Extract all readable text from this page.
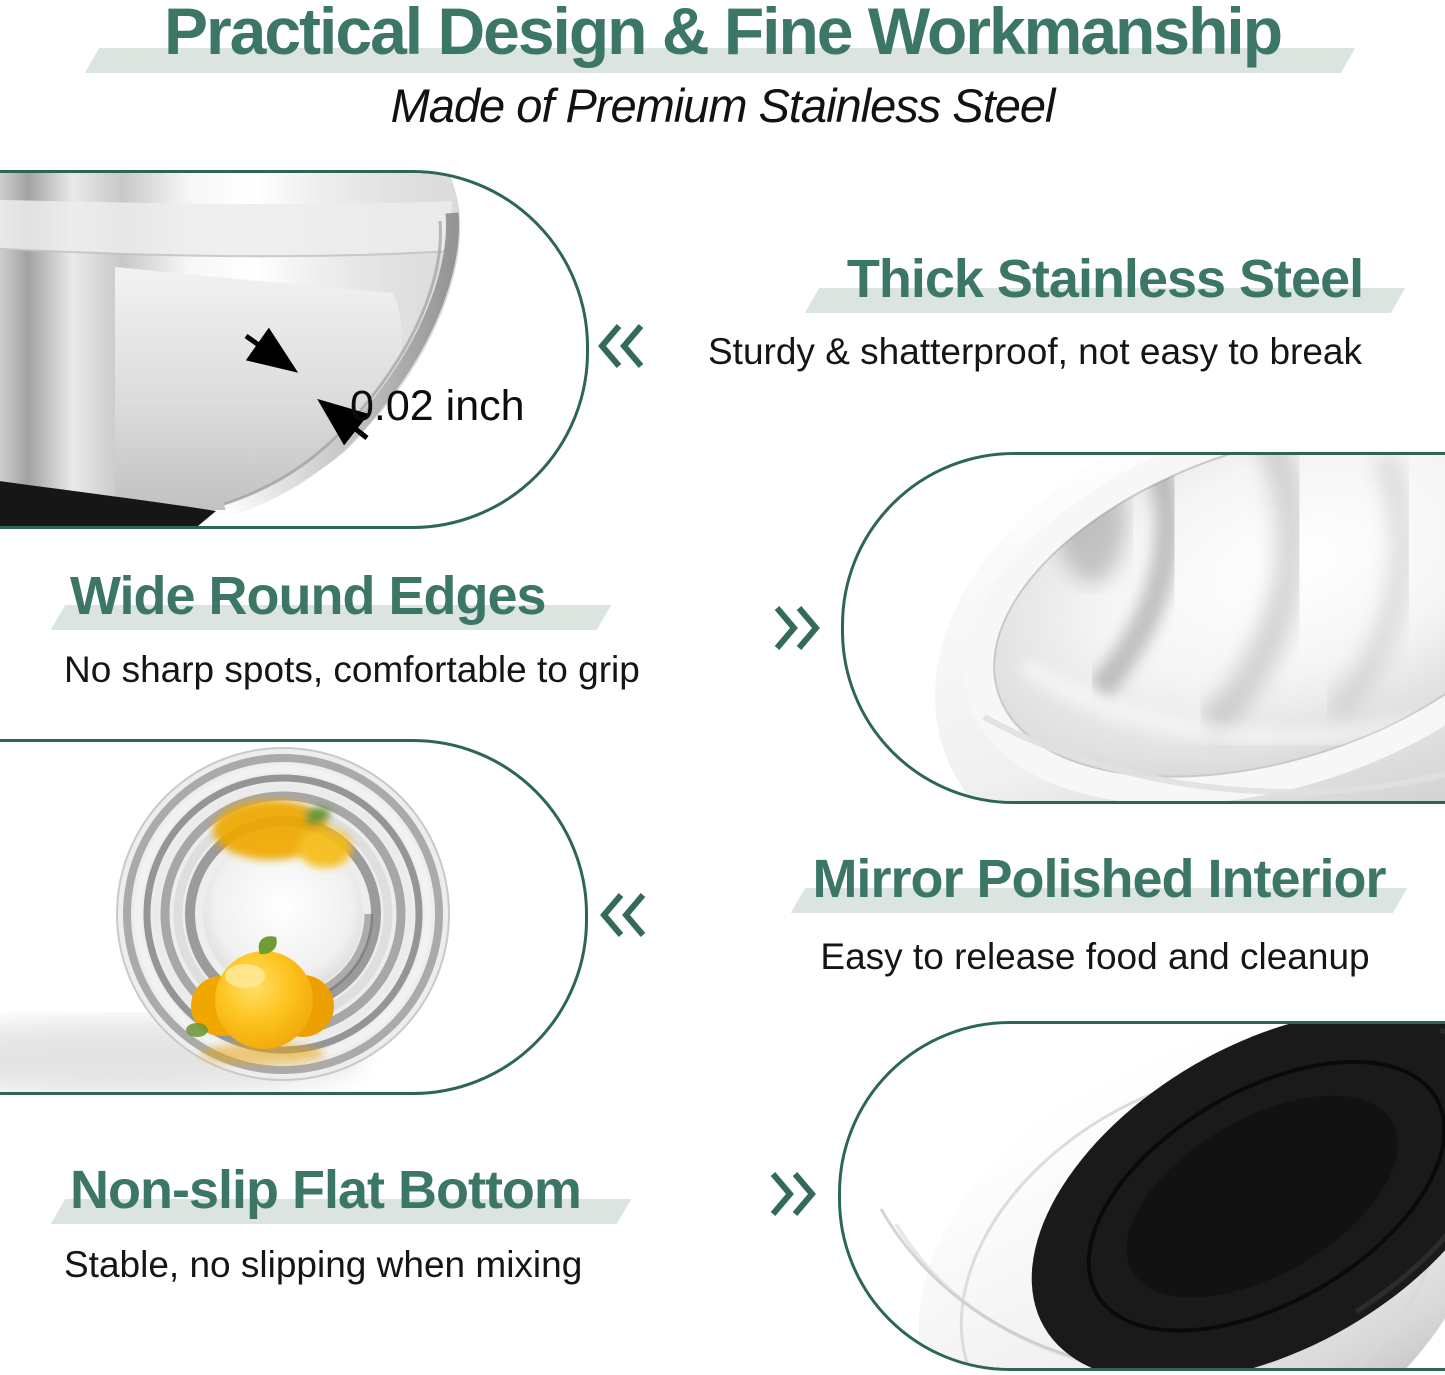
Practical Design & Fine Workmanship
Made of Premium Stainless Steel
0.02 inch
Thick Stainless Steel
Sturdy & shatterproof, not easy to break
Wide Round Edges
No sharp spots, comfortable to grip
Mirror Polished Interior
Easy to release food and cleanup
Non-slip Flat Bottom
Stable, no slipping when mixing
